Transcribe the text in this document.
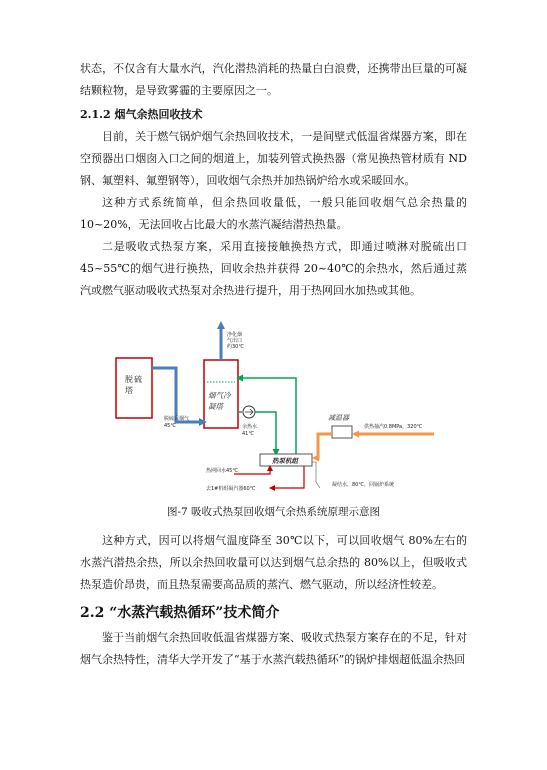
状态，不仅含有大量水汽，汽化潜热消耗的热量白白浪费，还携带出巨量的可凝结颗粒物，是导致雾霾的主要原因之一。

2.1.2 烟气余热回收技术

目前，关于燃气锅炉烟气余热回收技术，一是间壁式低温省煤器方案，即在空预器出口烟囱入口之间的烟道上，加装列管式换热器（常见换热管材质有 ND钢、氟塑料、氟塑钢等），回收烟气余热并加热锅炉给水或采暖回水。

这种方式系统简单，但余热回收量低，一般只能回收烟气总余热量的10~20%，无法回收占比最大的水蒸汽凝结潜热热量。

二是吸收式热泵方案，采用直接接触换热方式，即通过喷淋对脱硫出口45~55℃的烟气进行换热，回收余热并获得 20~40℃的余热水，然后通过蒸汽或燃气驱动吸收式热泵对余热进行提升，用于热网回水加热或其他。

脱 硫
塔
烟气冷
凝塔
净化烟
气出口
约30℃
脱硫后烟气
45℃	余热水
41℃
热泵机组
减温器
供热抽汽0.8MPa，320℃
凝结水，80℃，回锅炉系统
热网回水45℃
去1#机组凝汽器60℃

图-7 吸收式热泵回收烟气余热系统原理示意图

这种方式，因可以将烟气温度降至 30℃以下，可以回收烟气 80%左右的水蒸汽潜热余热，所以余热回收量可以达到烟气总余热的 80%以上，但吸收式热泵造价昂贵，而且热泵需要高品质的蒸汽、燃气驱动，所以经济性较差。

2.2 “水蒸汽载热循环”技术简介

鉴于当前烟气余热回收低温省煤器方案、吸收式热泵方案存在的不足，针对烟气余热特性，清华大学开发了“基于水蒸汽载热循环”的锅炉排烟超低温余热回
